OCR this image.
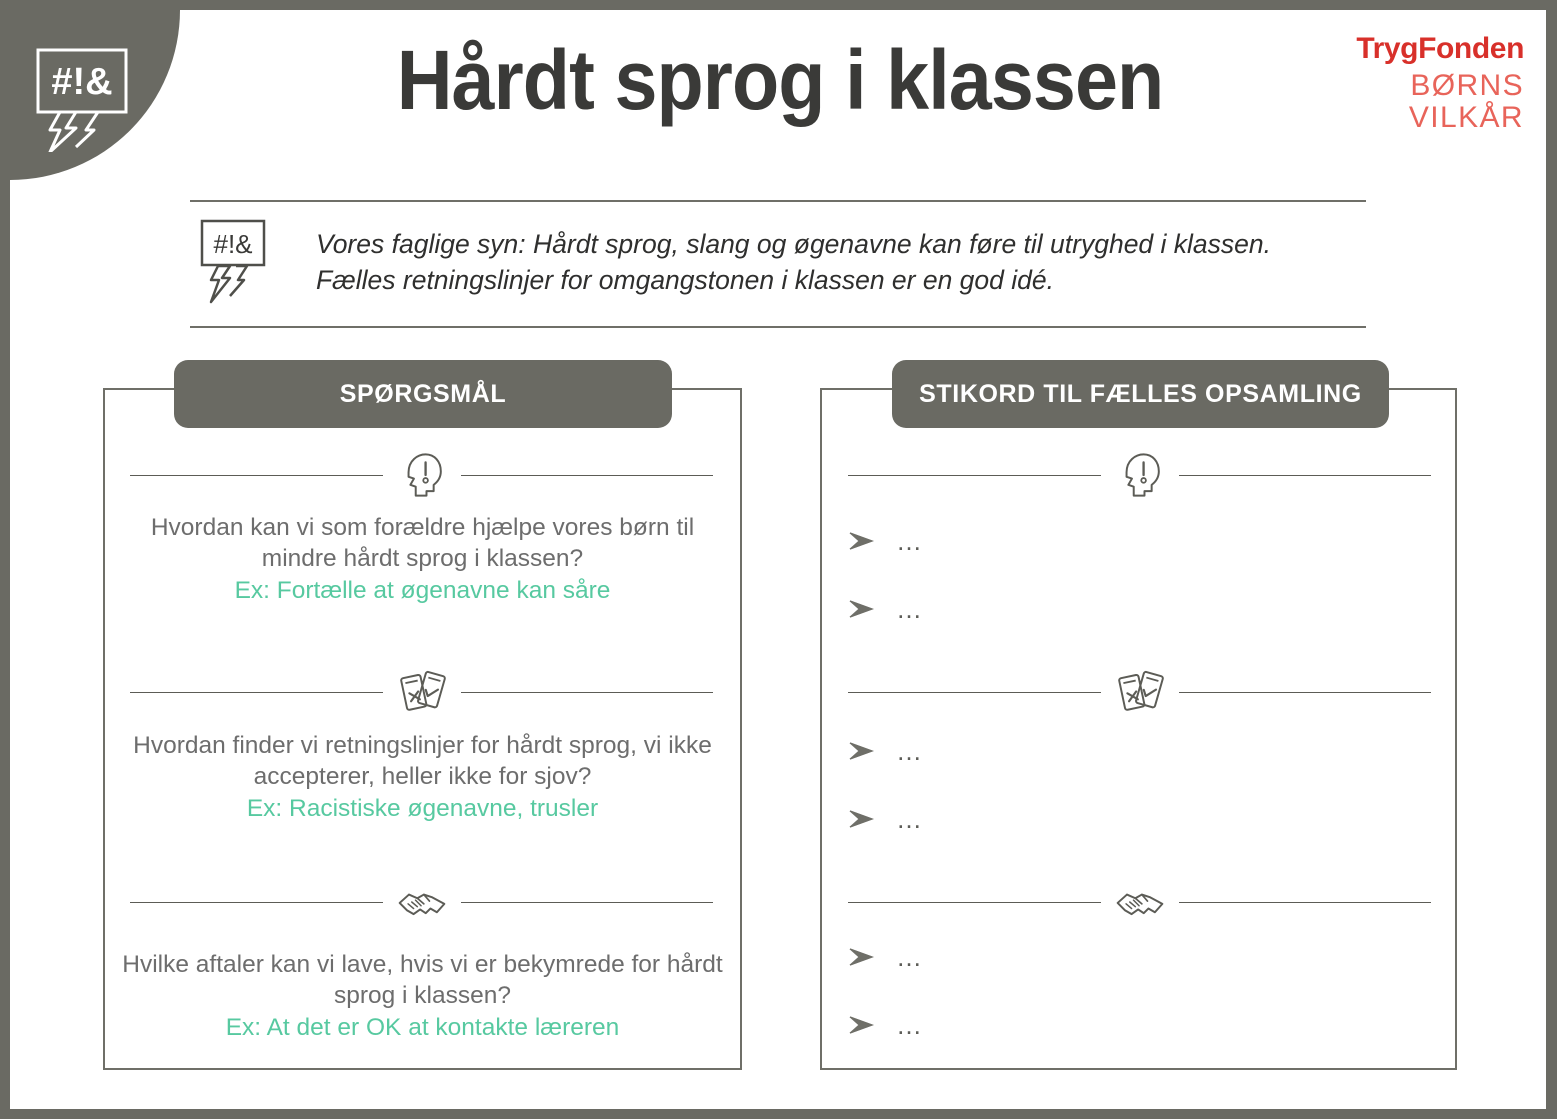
#!&	Hårdt sprog i klassen	TrygFonden
BØRNS
VILKÅR
#!& Vores faglige syn: Hårdt sprog, slang og øgenavne kan føre til utryghed i klassen. Fælles retningslinjer for omgangstonen i klassen er en god idé.
SPØRGSMÅL
Hvordan kan vi som forældre hjælpe vores børn til mindre hårdt sprog i klassen?
Ex: Fortælle at øgenavne kan såre
Hvordan finder vi retningslinjer for hårdt sprog, vi ikke accepterer, heller ikke for sjov?
Ex: Racistiske øgenavne, trusler
Hvilke aftaler kan vi lave, hvis vi er bekymrede for hårdt sprog i klassen?
Ex: At det er OK at kontakte læreren
STIKORD TIL FÆLLES OPSAMLING
…
…
…
…
…
…
